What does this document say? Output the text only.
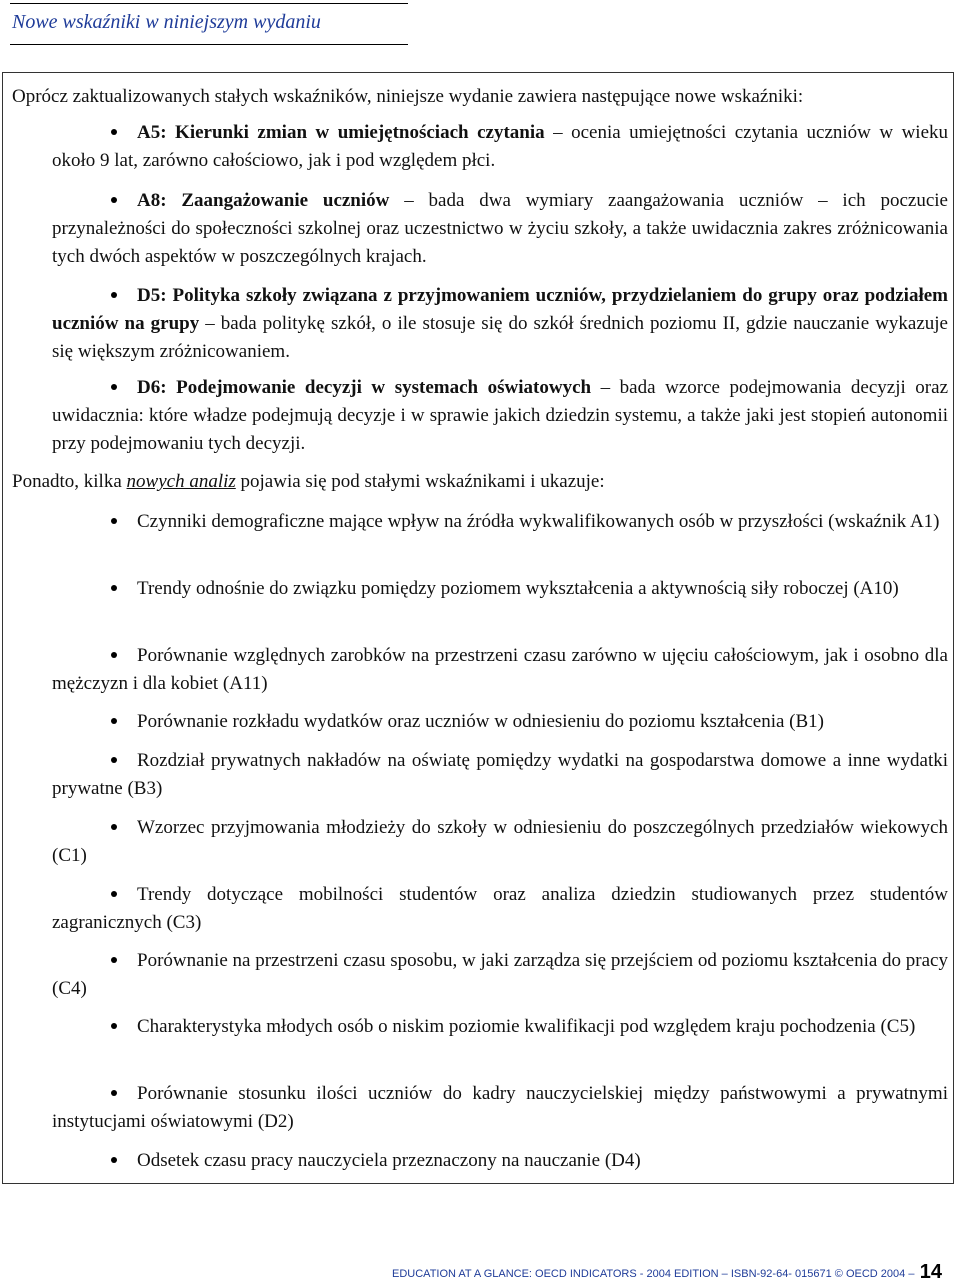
Nowe wskaźniki w niniejszym wydaniu
Oprócz zaktualizowanych stałych wskaźników, niniejsze wydanie zawiera następujące nowe wskaźniki:
A5: Kierunki zmian w umiejętnościach czytania – ocenia umiejętności czytania uczniów w wieku około 9 lat, zarówno całościowo, jak i pod względem płci.
A8: Zaangażowanie uczniów – bada dwa wymiary zaangażowania uczniów – ich poczucie przynależności do społeczności szkolnej oraz uczestnictwo w życiu szkoły, a także uwidacznia zakres zróżnicowania tych dwóch aspektów w poszczególnych krajach.
D5: Polityka szkoły związana z przyjmowaniem uczniów, przydzielaniem do grupy oraz podziałem uczniów na grupy – bada politykę szkół, o ile stosuje się do szkół średnich poziomu II, gdzie nauczanie wykazuje się większym zróżnicowaniem.
D6: Podejmowanie decyzji w systemach oświatowych – bada wzorce podejmowania decyzji oraz uwidacznia: które władze podejmują decyzje i w sprawie jakich dziedzin systemu, a także jaki jest stopień autonomii przy podejmowaniu tych decyzji.
Ponadto, kilka nowych analiz pojawia się pod stałymi wskaźnikami i ukazuje:
Czynniki demograficzne mające wpływ na źródła wykwalifikowanych osób w przyszłości (wskaźnik A1)
Trendy odnośnie do związku pomiędzy poziomem wykształcenia a aktywnością siły roboczej (A10)
Porównanie względnych zarobków na przestrzeni czasu zarówno w ujęciu całościowym, jak i osobno dla mężczyzn i dla kobiet (A11)
Porównanie rozkładu wydatków oraz uczniów w odniesieniu do poziomu kształcenia (B1)
Rozdział prywatnych nakładów na oświatę pomiędzy wydatki na gospodarstwa domowe a inne wydatki prywatne (B3)
Wzorzec przyjmowania młodzieży do szkoły w odniesieniu do poszczególnych przedziałów wiekowych (C1)
Trendy dotyczące mobilności studentów oraz analiza dziedzin studiowanych przez studentów zagranicznych (C3)
Porównanie na przestrzeni czasu sposobu, w jaki zarządza się przejściem od poziomu kształcenia do pracy (C4)
Charakterystyka młodych osób o niskim poziomie kwalifikacji pod względem kraju pochodzenia (C5)
Porównanie stosunku ilości uczniów do kadry nauczycielskiej między państwowymi a prywatnymi instytucjami oświatowymi (D2)
Odsetek czasu pracy nauczyciela przeznaczony na nauczanie (D4)
EDUCATION AT A GLANCE: OECD INDICATORS - 2004 EDITION – ISBN-92-64- 015671 © OECD 2004 – 14
